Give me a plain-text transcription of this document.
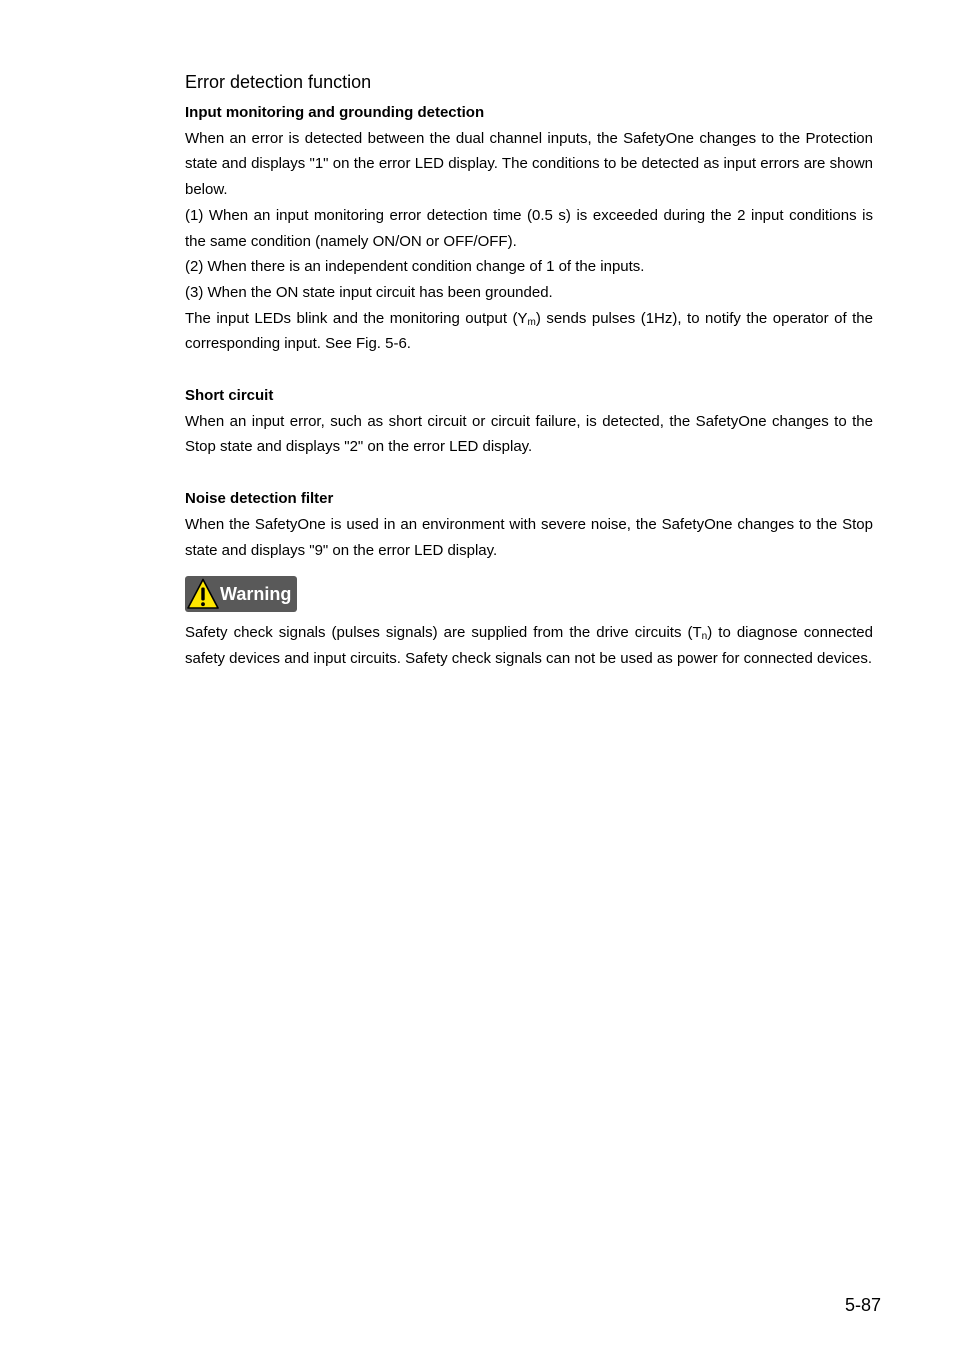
Error detection function

Input monitoring and grounding detection

When an error is detected between the dual channel inputs, the SafetyOne changes to the Protection state and displays "1" on the error LED display. The conditions to be detected as input errors are shown below.

(1) When an input monitoring error detection time (0.5 s) is exceeded during the 2 input conditions is the same condition (namely ON/ON or OFF/OFF).

(2) When there is an independent condition change of 1 of the inputs.

(3) When the ON state input circuit has been grounded.

The input LEDs blink and the monitoring output $(Y_m)$ sends pulses (1Hz), to notify the operator of the corresponding input. See Fig. 5-6.

Short circuit

When an input error, such as short circuit or circuit failure, is detected, the SafetyOne changes to the Stop state and displays "2" on the error LED display.

Noise detection filter

When the SafetyOne is used in an environment with severe noise, the SafetyOne changes to the Stop state and displays "9" on the error LED display.

Warning

Safety check signals (pulses signals) are supplied from the drive circuits $(T_n)$ to diagnose connected safety devices and input circuits. Safety check signals can not be used as power for connected devices.

5-87
